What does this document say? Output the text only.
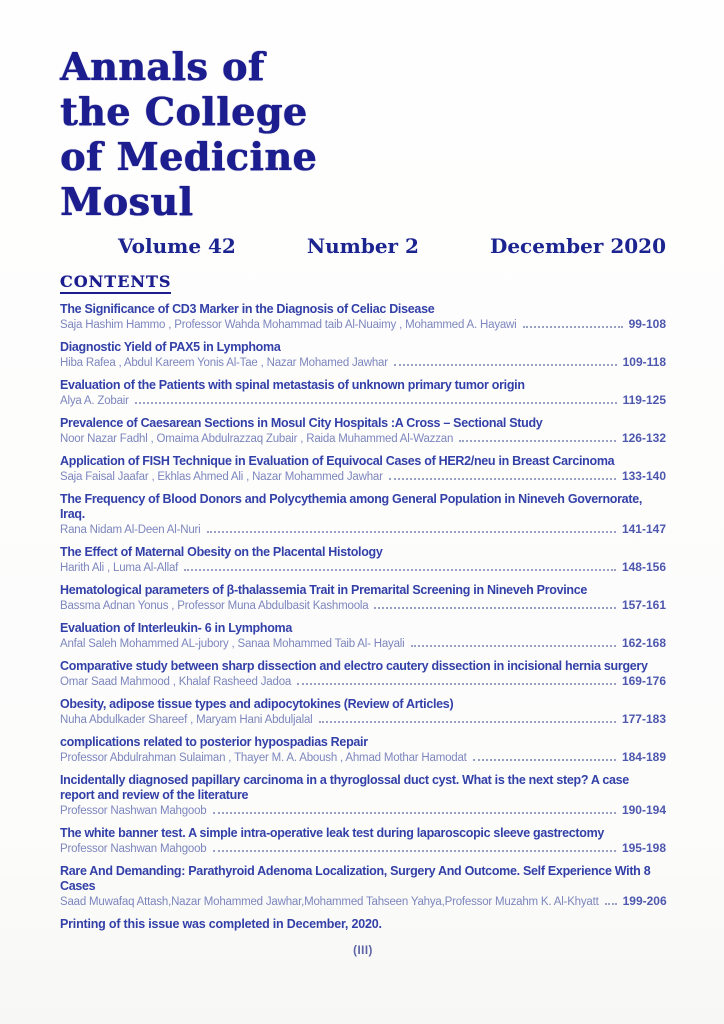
Annals of
the College
of Medicine
Mosul
Volume 42	Number 2	December 2020
CONTENTS
The Significance of CD3 Marker in the Diagnosis of Celiac Disease
Saja Hashim Hammo , Professor Wahda Mohammad taib Al-Nuaimy , Mohammed A. Hayawi	99-108
Diagnostic Yield of PAX5 in Lymphoma
Hiba Rafea , Abdul Kareem Yonis Al-Tae , Nazar Mohamed Jawhar	109-118
Evaluation of the Patients with spinal metastasis of unknown primary tumor origin
Alya A. Zobair	119-125
Prevalence of Caesarean Sections in Mosul City Hospitals :A Cross – Sectional Study
Noor Nazar Fadhl , Omaima Abdulrazzaq Zubair , Raida Muhammed Al-Wazzan	126-132
Application of FISH Technique in Evaluation of Equivocal Cases of HER2/neu in Breast Carcinoma
Saja Faisal Jaafar , Ekhlas Ahmed Ali , Nazar Mohammed Jawhar	133-140
The Frequency of Blood Donors and Polycythemia among General Population in Nineveh Governorate, Iraq.
Rana Nidam Al-Deen Al-Nuri	141-147
The Effect of Maternal Obesity on the Placental Histology
Harith Ali , Luma Al-Allaf	148-156
Hematological parameters of β-thalassemia Trait in Premarital Screening in Nineveh Province
Bassma Adnan Yonus , Professor Muna Abdulbasit Kashmoola	157-161
Evaluation of Interleukin- 6 in Lymphoma
Anfal Saleh Mohammed AL-jubory , Sanaa Mohammed Taib Al- Hayali	162-168
Comparative study between sharp dissection and electro cautery dissection in incisional hernia surgery
Omar Saad Mahmood , Khalaf Rasheed Jadoa	169-176
Obesity, adipose tissue types and adipocytokines (Review of Articles)
Nuha Abdulkader Shareef , Maryam Hani Abduljalal	177-183
complications related to posterior hypospadias Repair
Professor Abdulrahman Sulaiman , Thayer M. A. Aboush , Ahmad Mothar Hamodat	184-189
Incidentally diagnosed papillary carcinoma in a thyroglossal duct cyst. What is the next step? A case report and review of the literature
Professor Nashwan Mahgoob	190-194
The white banner test. A simple intra-operative leak test during laparoscopic sleeve gastrectomy
Professor Nashwan Mahgoob	195-198
Rare And Demanding: Parathyroid Adenoma Localization, Surgery And Outcome. Self Experience With 8 Cases
Saad Muwafaq Attash,Nazar Mohammed Jawhar,Mohammed Tahseen Yahya,Professor Muzahm K. Al-Khyatt 199-206
Printing of this issue was completed in December, 2020.
(III)
